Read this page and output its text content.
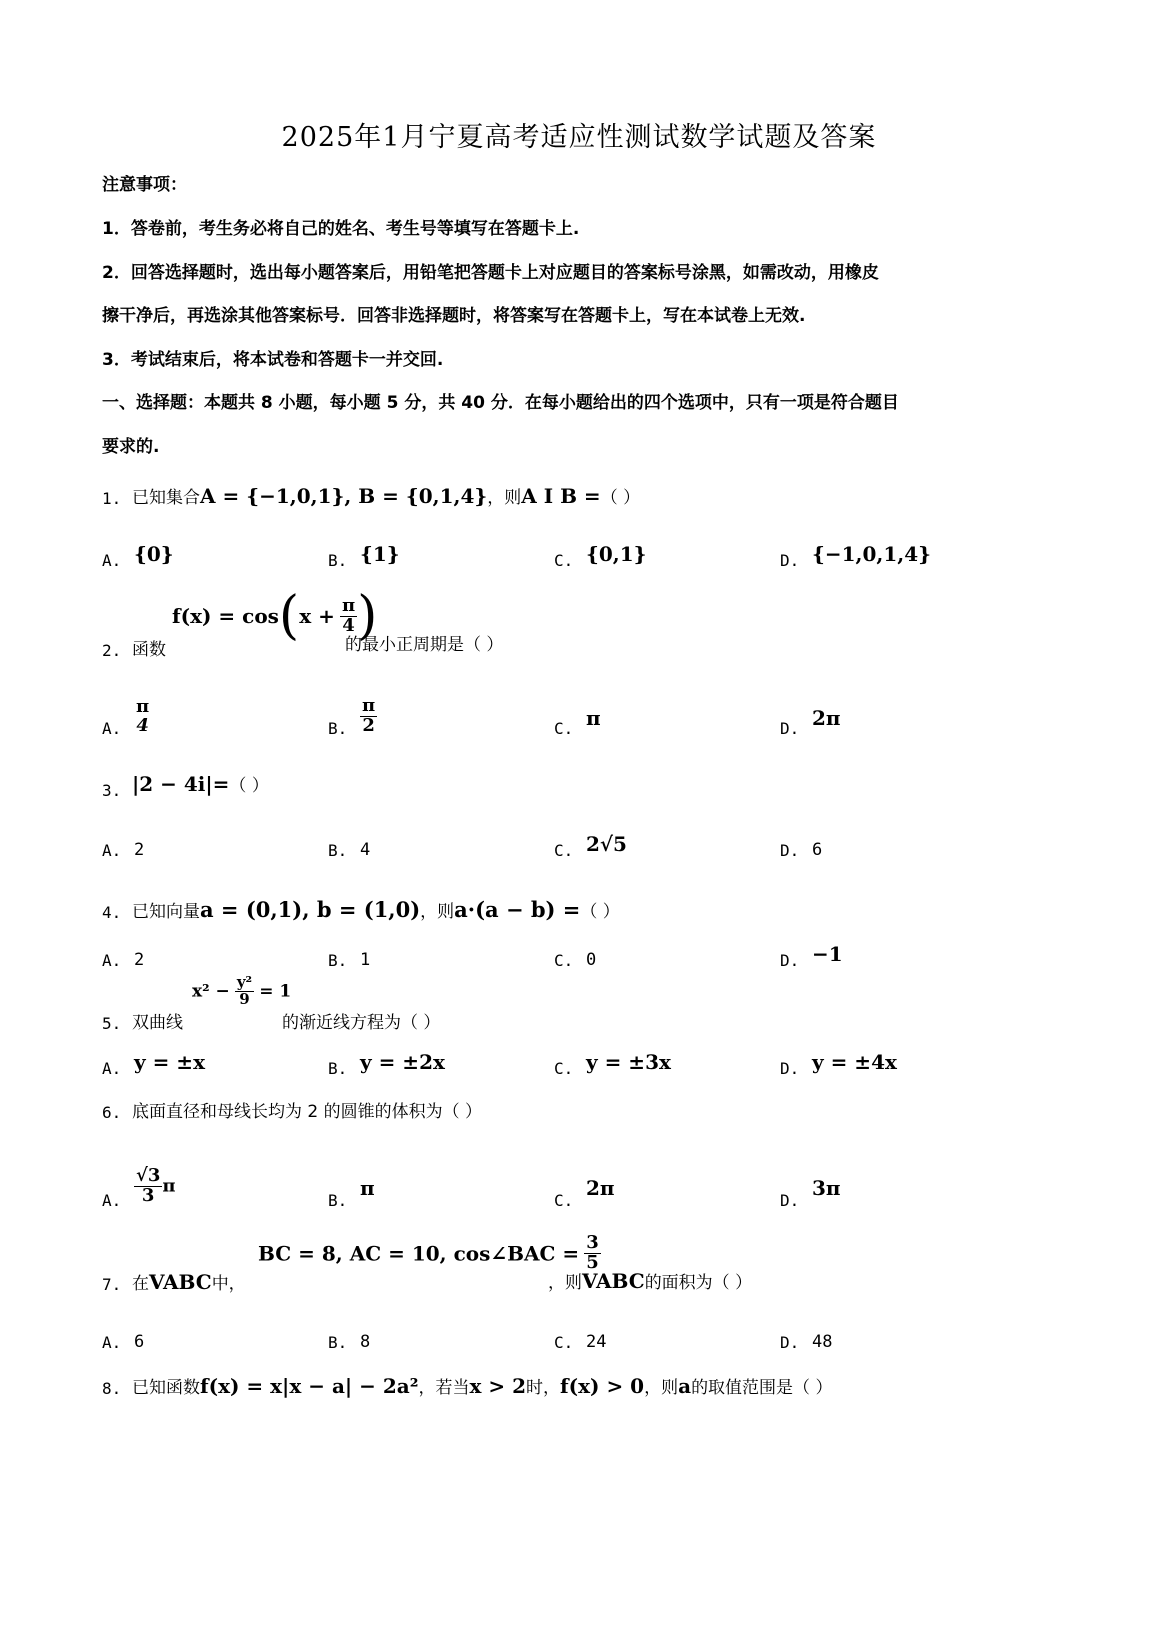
2025年1月宁夏高考适应性测试数学试题及答案
注意事项：
1．答卷前，考生务必将自己的姓名、考生号等填写在答题卡上.
2．回答选择题时，选出每小题答案后，用铅笔把答题卡上对应题目的答案标号涂黑，如需改动，用橡皮
擦干净后，再选涂其他答案标号．回答非选择题时，将答案写在答题卡上，写在本试卷上无效.
3．考试结束后，将本试卷和答题卡一并交回.
一、选择题：本题共 8 小题，每小题 5 分，共 40 分．在每小题给出的四个选项中，只有一项是符合题目
要求的.
1. 已知集合A = {−1,0,1}, B = {0,1,4}，则A I B =（ ）
A. {0}	B. {1}	C. {0,1}	D. {−1,0,1,4}
2. 函数
$f(x) = \cos(x + \frac{\pi}{4}$ )
的最小正周期是（ ）
A.
π
4	B. $\frac{\pi}{2}$	C. π	D. 2π
3. |2 − 4i|=（ ）
A. 2	B. 4	C. 2√5	D. 6
4. 已知向量a = (0,1), b = (1,0)，则a·(a − b) =（ ）
A. 2	B. 1	C. 0	D. −1
5. 双曲线
$x^2 - \frac{\text{y²}}{9} = 1$
的渐近线方程为（ ）
A. y = ±x	B. y = ±2x	C. y = ±3x	D. y = ±4x
6. 底面直径和母线长均为 2 的圆锥的体积为（ ）
A. $\frac{√3}{3}$ π
B.
π
C.
2π
D.
3π
7. 在VABC中，
BC = 8, AC = 10, cos∠BAC = $\frac{3}{5}$
，则VABC的面积为（ ）
A. 6	B. 8	C. 24	D. 48
8. 已知函数f(x) = x|x − a| − 2a²，若当x > 2时，f(x) > 0，则a的取值范围是（ ）
